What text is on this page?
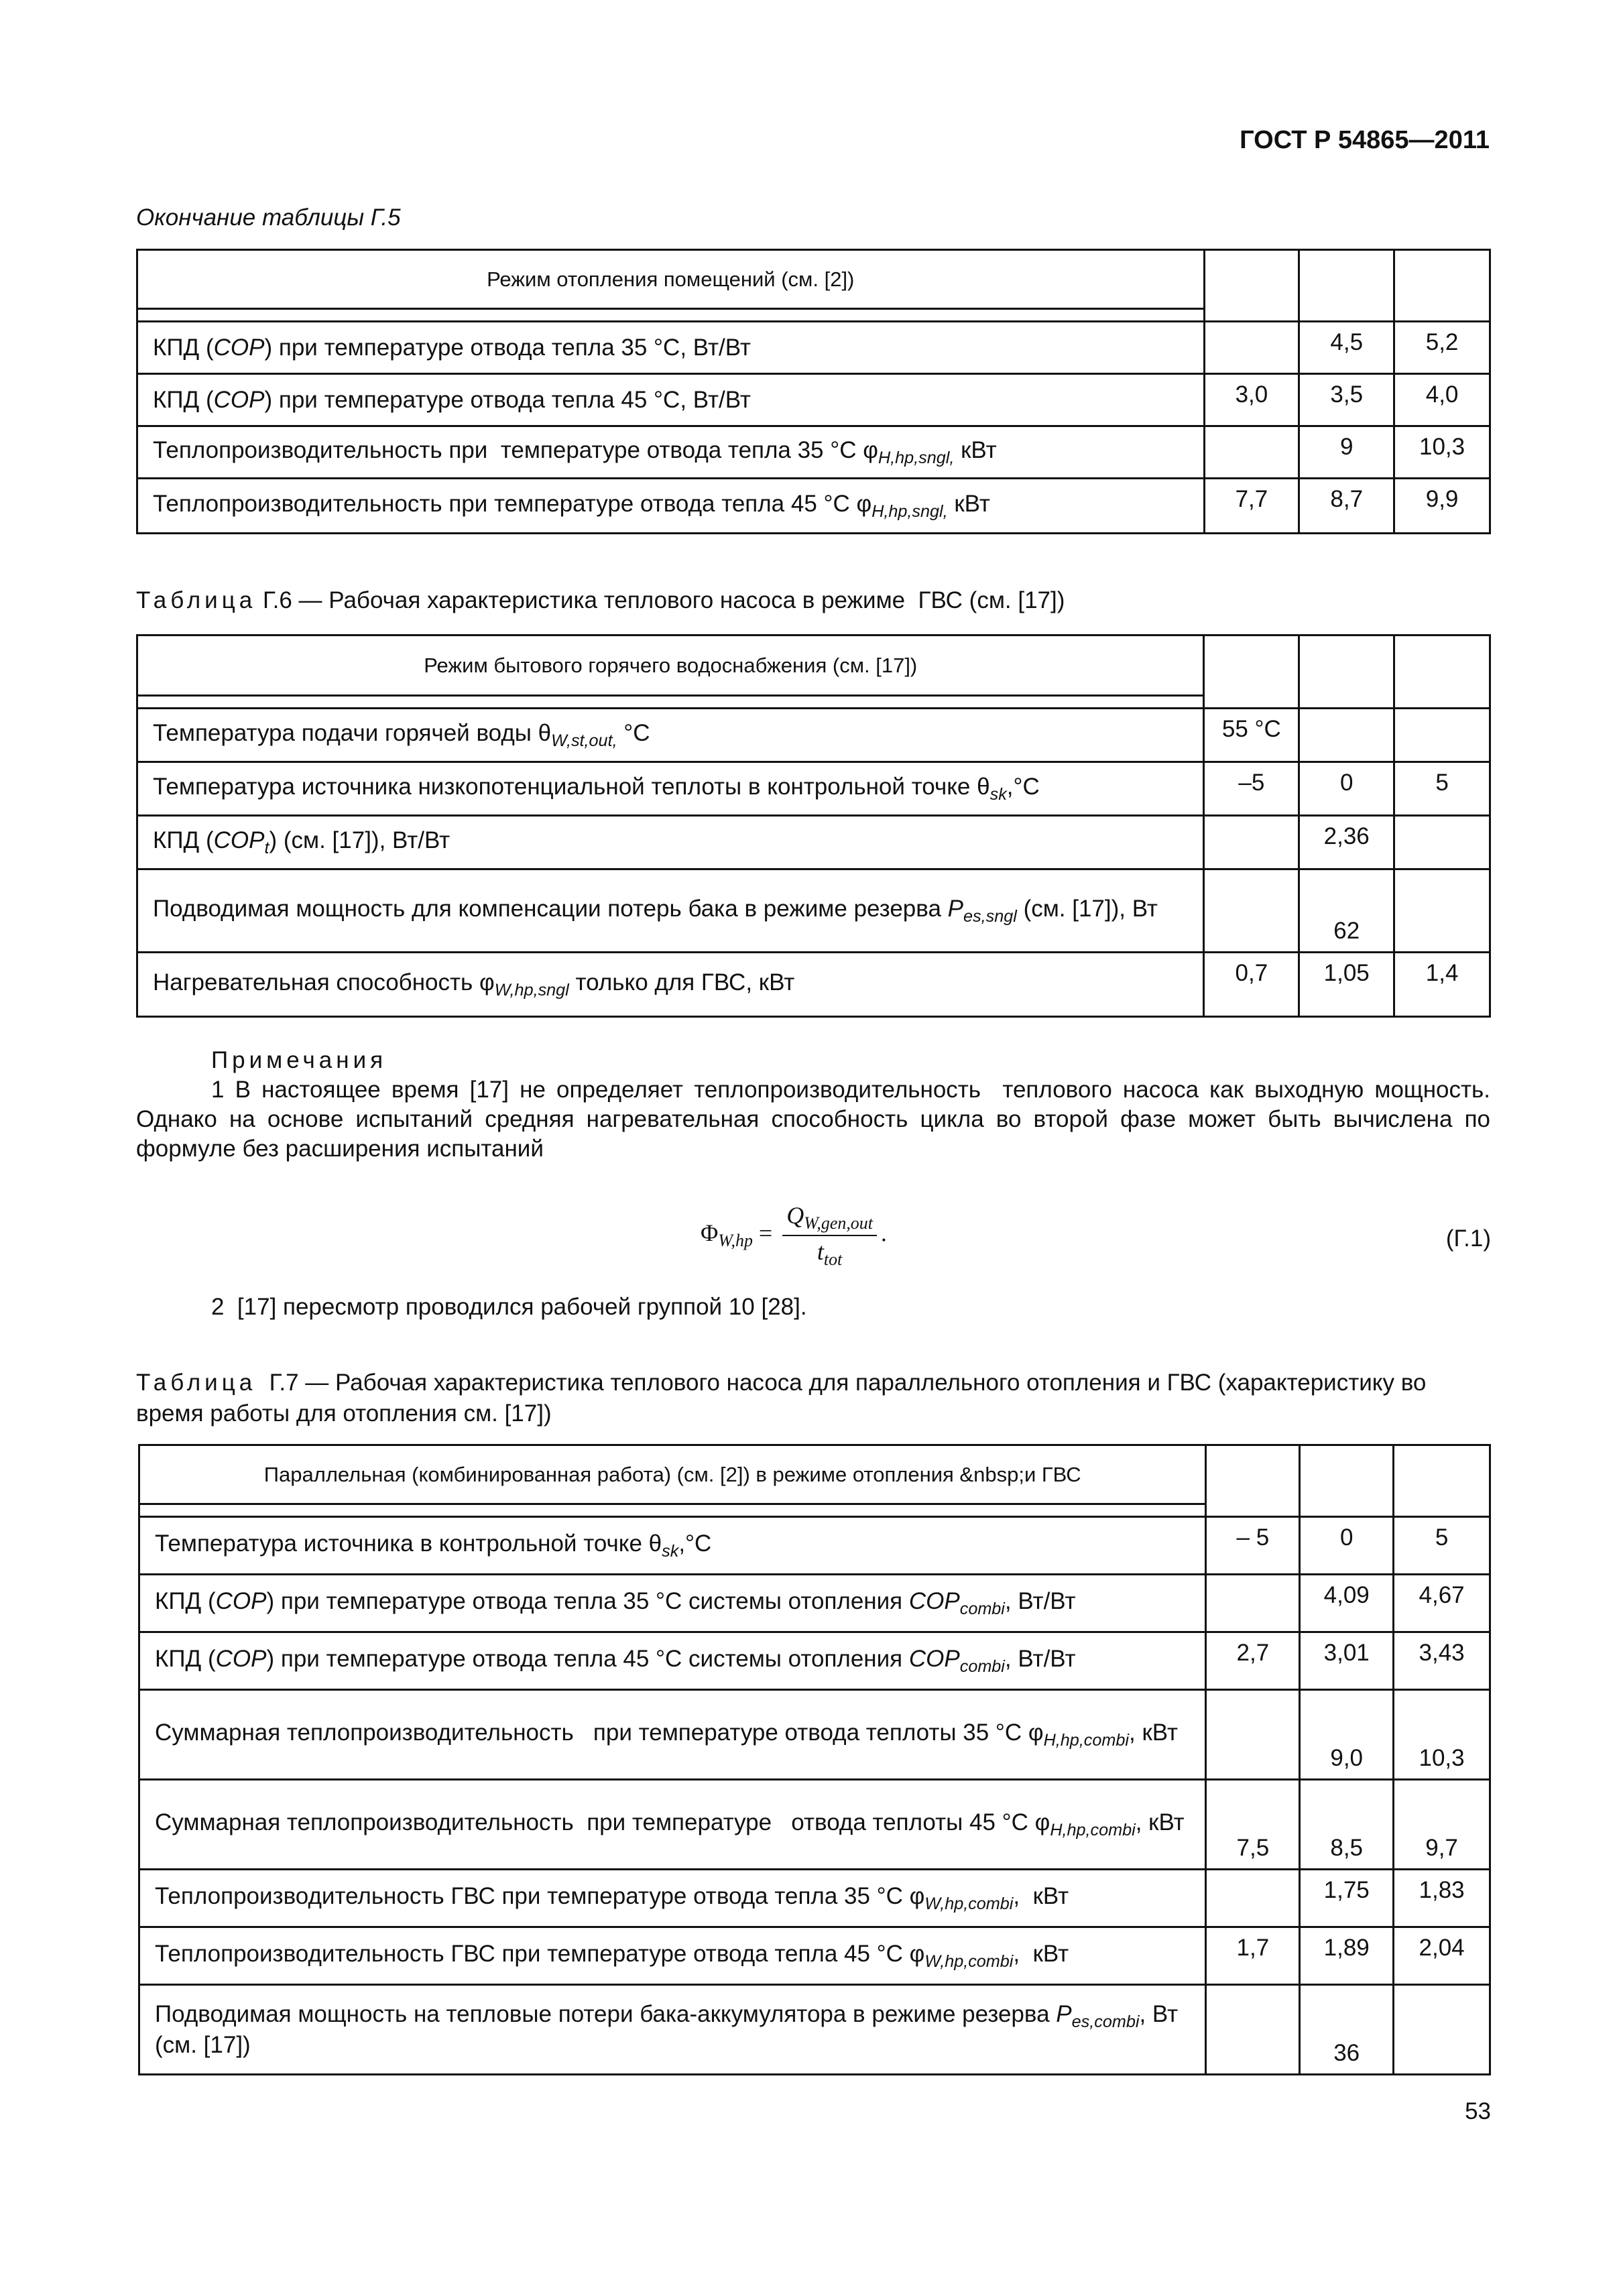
ГОСТ Р 54865—2011
Окончание таблицы Г.5
Режим отопления помещений (см. [2])			

КПД (COP) при температуре отвода тепла 35 °С, Вт/Вт		4,5	5,2
КПД (COP) при температуре отвода тепла 45 °С, Вт/Вт	3,0	3,5	4,0
Теплопроизводительность при  температуре отвода тепла 35 °С $\varphi_{H,hp,sngl,}$ кВт		9	10,3
Теплопроизводительность при температуре отвода тепла 45 °С $\varphi_{H,hp,sngl,}$ кВт	7,7	8,7	9,9
Таблица Г.6 — Рабочая характеристика теплового насоса в режиме  ГВС (см. [17])
Режим бытового горячего водоснабжения (см. [17])			

Температура подачи горячей воды $\theta_{W,st,out,}$ °С	55 °С		
Температура источника низкопотенциальной теплоты в контрольной точке $\theta_{sk},^\circ С$	–5	0	5
КПД $(COP_t)$ (см. [17]), Вт/Вт		2,36	
Подводимая мощность для компенсации потерь бака в режиме резерва $P_{es,sngl}$ (см. [17]), Вт		62	
Нагревательная способность $\varphi_{W,hp,sngl}$ только для ГВС, кВт	0,7	1,05	1,4
Примечания
1 В настоящее время [17] не определяет теплопроизводительность  теплового насоса как выходную мощность. Однако на основе испытаний средняя нагревательная способность цикла во второй фазе может быть вычислена по формуле без расширения испытаний
$\Phi_{W,hp} = \frac{Q_{W,gen,out}}{t_{tot}}$ .	(Г.1)
2  [17] пересмотр проводился рабочей группой 10 [28].
Таблица  Г.7 — Рабочая характеристика теплового насоса для параллельного отопления и ГВС (характеристику во время работы для отопления см. [17])
Параллельная (комбинированная работа) (см. [2]) в режиме отопления &nbsp;и ГВС			

Температура источника в контрольной точке $\theta_{sk},^\circ С$	– 5	0	5
КПД (COP) при температуре отвода тепла 35 °С системы отопления $COP_{combi}$, Вт/Вт		4,09	4,67
КПД (COP) при температуре отвода тепла 45 °С системы отопления $COP_{combi}$, Вт/Вт	2,7	3,01	3,43
Суммарная теплопроизводительность   при температуре отвода теплоты 35 °С $\varphi_{H,hp,combi}$, кВт		9,0	10,3
Суммарная теплопроизводительность  при температуре   отвода теплоты 45 °С $\varphi_{H,hp,combi}$, кВт	7,5	8,5	9,7
Теплопроизводительность ГВС при температуре отвода тепла 35 °С $\varphi_{W,hp,combi}$,  кВт		1,75	1,83
Теплопроизводительность ГВС при температуре отвода тепла 45 °С $\varphi_{W,hp,combi}$,  кВт	1,7	1,89	2,04
Подводимая мощность на тепловые потери бака-аккумулятора в режиме резерва $P_{es,combi}$, Вт (см. [17])		36	
53
